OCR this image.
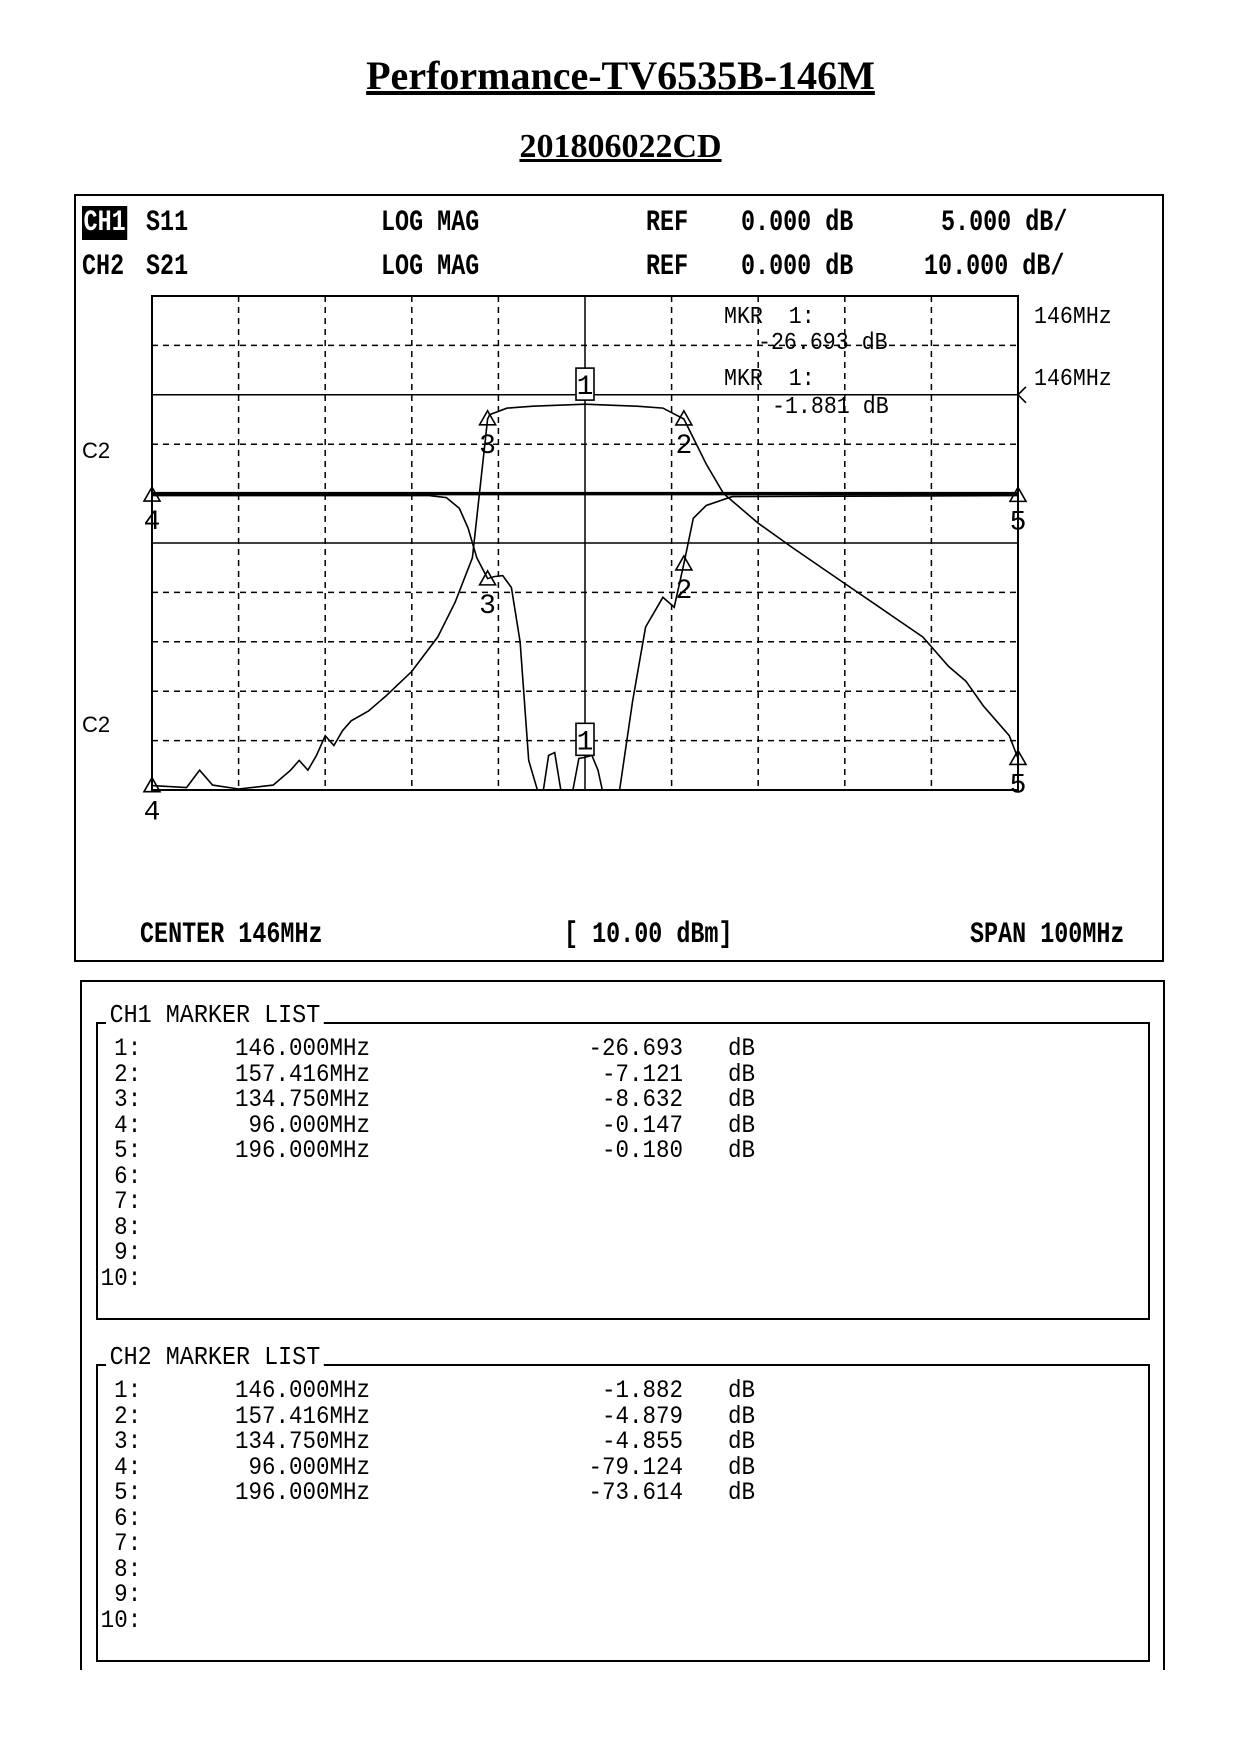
Performance-TV6535B-146M
201806022CD
CH1 S11	LOG MAG	REF 0.000 dB	5.000 dB/
CH2 S21	LOG MAG	REF 0.000 dB 10.000 dB/
1
1
2
2
3
3
4
4
5
5
MKR  1:	146MHz
-26.693 dB
MKR  1:	146MHz
-1.881 dB
C2
C2
CENTER 146MHz	[ 10.00 dBm]	SPAN 100MHz
1:	146.000MHz	-26.693 dB
2:	157.416MHz	-7.121 dB
3:	134.750MHz	-8.632 dB
4:	96.000MHz	-0.147 dB
5:	196.000MHz	-0.180 dB
6:
7:
8:
9:
10:
CH1 MARKER LIST
1:	146.000MHz	-1.882 dB
2:	157.416MHz	-4.879 dB
3:	134.750MHz	-4.855 dB
4:	96.000MHz	-79.124 dB
5:	196.000MHz	-73.614 dB
6:
7:
8:
9:
10:
CH2 MARKER LIST
